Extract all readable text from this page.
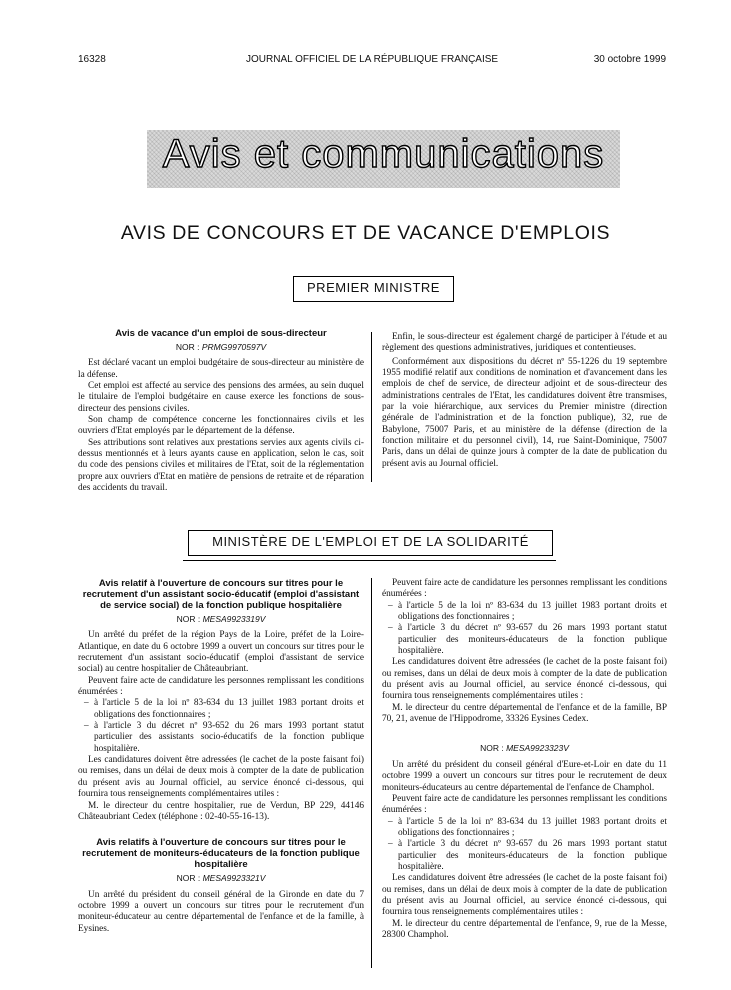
16328	JOURNAL OFFICIEL DE LA RÉPUBLIQUE FRANÇAISE	30 octobre 1999
Avis et communications
AVIS DE CONCOURS ET DE VACANCE D'EMPLOIS
PREMIER MINISTRE
Avis de vacance d'un emploi de sous-directeur
NOR : PRMG9970597V

Est déclaré vacant un emploi budgétaire de sous-directeur au ministère de la défense.

Cet emploi est affecté au service des pensions des armées, au sein duquel le titulaire de l'emploi budgétaire en cause exerce les fonctions de sous-directeur des pensions civiles.

Son champ de compétence concerne les fonctionnaires civils et les ouvriers d'Etat employés par le département de la défense.

Ses attributions sont relatives aux prestations servies aux agents civils ci-dessus mentionnés et à leurs ayants cause en application, selon le cas, soit du code des pensions civiles et militaires de l'Etat, soit de la réglementation propre aux ouvriers d'Etat en matière de pensions de retraite et de réparation des accidents du travail.

Enfin, le sous-directeur est également chargé de participer à l'étude et au règlement des questions administratives, juridiques et contentieuses.

Conformément aux dispositions du décret nº 55-1226 du 19 septembre 1955 modifié relatif aux conditions de nomination et d'avancement dans les emplois de chef de service, de directeur adjoint et de sous-directeur des administrations centrales de l'Etat, les candidatures doivent être transmises, par la voie hiérarchique, aux services du Premier ministre (direction générale de l'administration et de la fonction publique), 32, rue de Babylone, 75007 Paris, et au ministère de la défense (direction de la fonction militaire et du personnel civil), 14, rue Saint-Dominique, 75007 Paris, dans un délai de quinze jours à compter de la date de publication du présent avis au Journal officiel.

MINISTÈRE DE L'EMPLOI ET DE LA SOLIDARITÉ
Avis relatif à l'ouverture de concours sur titres pour le recrutement d'un assistant socio-éducatif (emploi d'assistant de service social) de la fonction publique hospitalière
NOR : MESA9923319V

Un arrêté du préfet de la région Pays de la Loire, préfet de la Loire-Atlantique, en date du 6 octobre 1999 a ouvert un concours sur titres pour le recrutement d'un assistant socio-éducatif (emploi d'assistant de service social) au centre hospitalier de Châteaubriant.

Peuvent faire acte de candidature les personnes remplissant les conditions énumérées :

– à l'article 5 de la loi nº 83-634 du 13 juillet 1983 portant droits et obligations des fonctionnaires ;
– à l'article 3 du décret nº 93-652 du 26 mars 1993 portant statut particulier des assistants socio-éducatifs de la fonction publique hospitalière.

Les candidatures doivent être adressées (le cachet de la poste faisant foi) ou remises, dans un délai de deux mois à compter de la date de publication du présent avis au Journal officiel, au service énoncé ci-dessous, qui fournira tous renseignements complémentaires utiles :

M. le directeur du centre hospitalier, rue de Verdun, BP 229, 44146 Châteaubriant Cedex (téléphone : 02-40-55-16-13).

Avis relatifs à l'ouverture de concours sur titres pour le recrutement de moniteurs-éducateurs de la fonction publique hospitalière
NOR : MESA9923321V

Un arrêté du président du conseil général de la Gironde en date du 7 octobre 1999 a ouvert un concours sur titres pour le recrutement d'un moniteur-éducateur au centre départemental de l'enfance et de la famille, à Eysines.

Peuvent faire acte de candidature les personnes remplissant les conditions énumérées :

– à l'article 5 de la loi nº 83-634 du 13 juillet 1983 portant droits et obligations des fonctionnaires ;
– à l'article 3 du décret nº 93-657 du 26 mars 1993 portant statut particulier des moniteurs-éducateurs de la fonction publique hospitalière.

Les candidatures doivent être adressées (le cachet de la poste faisant foi) ou remises, dans un délai de deux mois à compter de la date de publication du présent avis au Journal officiel, au service énoncé ci-dessous, qui fournira tous renseignements complémentaires utiles :

M. le directeur du centre départemental de l'enfance et de la famille, BP 70, 21, avenue de l'Hippodrome, 33326 Eysines Cedex.

NOR : MESA9923323V

Un arrêté du président du conseil général d'Eure-et-Loir en date du 11 octobre 1999 a ouvert un concours sur titres pour le recrutement de deux moniteurs-éducateurs au centre départemental de l'enfance de Champhol.

Peuvent faire acte de candidature les personnes remplissant les conditions énumérées :

– à l'article 5 de la loi nº 83-634 du 13 juillet 1983 portant droits et obligations des fonctionnaires ;
– à l'article 3 du décret nº 93-657 du 26 mars 1993 portant statut particulier des moniteurs-éducateurs de la fonction publique hospitalière.

Les candidatures doivent être adressées (le cachet de la poste faisant foi) ou remises, dans un délai de deux mois à compter de la date de publication du présent avis au Journal officiel, au service énoncé ci-dessous, qui fournira tous renseignements complémentaires utiles :

M. le directeur du centre départemental de l'enfance, 9, rue de la Messe, 28300 Champhol.
